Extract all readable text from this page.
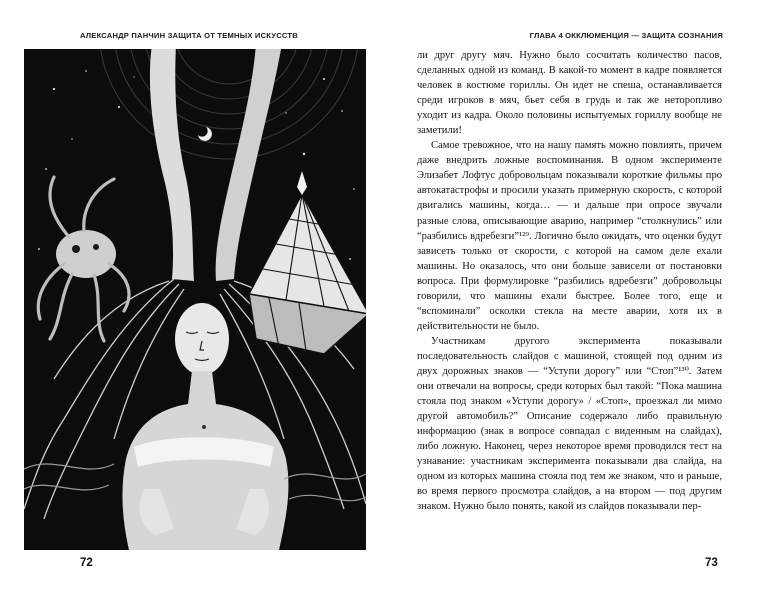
АЛЕКСАНДР ПАНЧИН ЗАЩИТА ОТ ТЕМНЫХ ИСКУССТВ	ГЛАВА 4 ОККЛЮМЕНЦИЯ — ЗАЩИТА СОЗНАНИЯ

ли друг другу мяч. Нужно было сосчитать количество пасов, сделанных одной из команд. В какой-то момент в кадре появляется человек в костюме гориллы. Он идет не спеша, останавливается среди игроков в мяч, бьет себя в грудь и так же неторопливо уходит из кадра. Около половины испытуемых гориллу вообще не заметили!

Самое тревожное, что на нашу память можно повлиять, причем даже внедрить ложные воспоминания. В одном эксперименте Элизабет Лофтус добровольцам показывали короткие фильмы про автокатастрофы и просили указать примерную скорость, с которой двигались машины, когда… — и дальше при опросе звучали разные слова, описывающие аварию, например “столкнулись” или “разбились вдребезги”¹²⁹. Логично было ожидать, что оценки будут зависеть только от скорости, с которой на самом деле ехали машины. Но оказалось, что они больше зависели от постановки вопроса. При формулировке “разбились вдребезги” добровольцы говорили, что машины ехали быстрее. Более того, еще и “вспоминали” осколки стекла на месте аварии, хотя их в действительности не было.

Участникам другого эксперимента показывали последовательность слайдов с машиной, стоящей под одним из двух дорожных знаков — “Уступи дорогу” или “Стоп”¹³⁰. Затем они отвечали на вопросы, среди которых был такой: “Пока машина стояла под знаком «Уступи дорогу» / «Стоп», проезжал ли мимо другой автомобиль?” Описание содержало либо правильную информацию (знак в вопросе совпадал с виденным на слайдах), либо ложную. Наконец, через некоторое время проводился тест на узнавание: участникам эксперимента показывали два слайда, на одном из которых машина стояла под тем же знаком, что и раньше, во время первого просмотра слайдов, а на втором — под другим знаком. Нужно было понять, какой из слайдов показывали пер-

72	73
